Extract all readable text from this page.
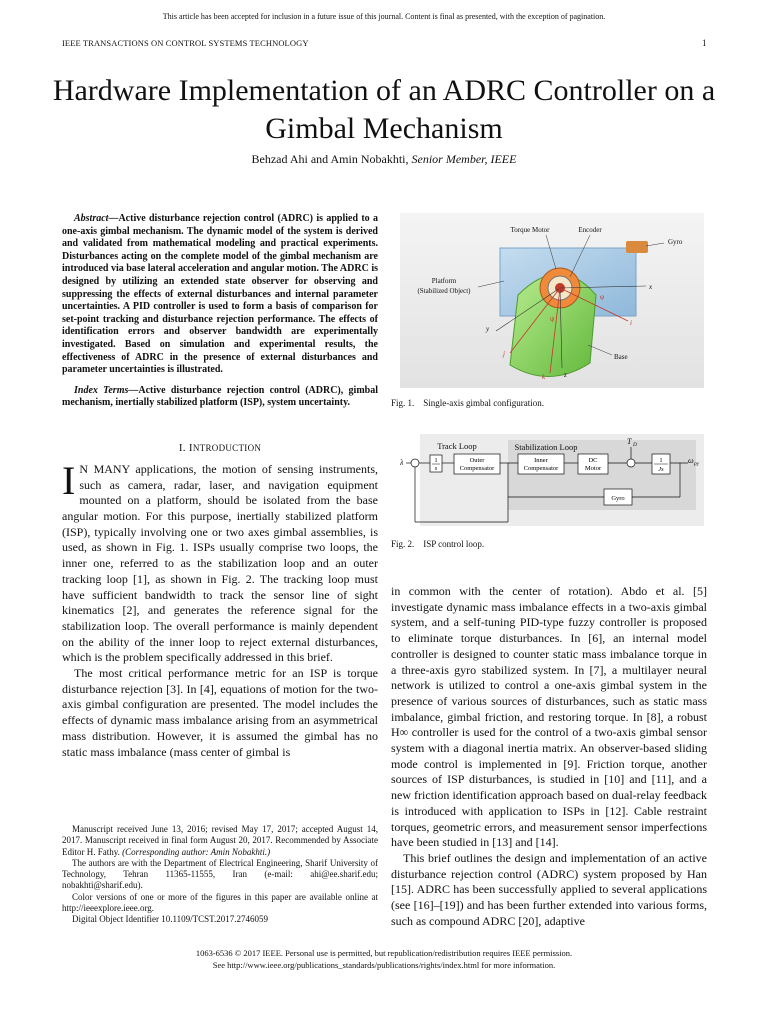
This article has been accepted for inclusion in a future issue of this journal. Content is final as presented, with the exception of pagination.
IEEE TRANSACTIONS ON CONTROL SYSTEMS TECHNOLOGY	1
Hardware Implementation of an ADRC Controller on a Gimbal Mechanism
Behzad Ahi and Amin Nobakhti, Senior Member, IEEE

Abstract—Active disturbance rejection control (ADRC) is applied to a one-axis gimbal mechanism. The dynamic model of the system is derived and validated from mathematical modeling and practical experiments. Disturbances acting on the complete model of the gimbal mechanism are introduced via base lateral acceleration and angular motion. The ADRC is designed by utilizing an extended state observer for observing and suppressing the effects of external disturbances and internal parameter uncertainties. A PID controller is used to form a basis of comparison for set-point tracking and disturbance rejection performance. The effects of identification errors and observer bandwidth are experimentally investigated. Based on simulation and experimental results, the effectiveness of ADRC in the presence of external disturbances and parameter uncertainties is illustrated.

Index Terms—Active disturbance rejection control (ADRC), gimbal mechanism, inertially stabilized platform (ISP), system uncertainty.

I. INTRODUCTION

I N MANY applications, the motion of sensing instruments, such as camera, radar, laser, and navigation equipment mounted on a platform, should be isolated from the base angular motion. For this purpose, inertially stabilized platform (ISP), typically involving one or two axes gimbal assemblies, is used, as shown in Fig. 1. ISPs usually comprise two loops, the inner one, referred to as the stabilization loop and an outer tracking loop [1], as shown in Fig. 2. The tracking loop must have sufficient bandwidth to track the sensor line of sight kinematics [2], and generates the reference signal for the stabilization loop. The overall performance is mainly dependent on the ability of the inner loop to reject external disturbances, which is the problem specifically addressed in this brief.

The most critical performance metric for an ISP is torque disturbance rejection [3]. In [4], equations of motion for the two-axis gimbal configuration are presented. The model includes the effects of dynamic mass imbalance arising from an asymmetrical mass distribution. However, it is assumed the gimbal has no static mass imbalance (mass center of gimbal is

Manuscript received June 13, 2016; revised May 17, 2017; accepted August 14, 2017. Manuscript received in final form August 20, 2017. Recommended by Associate Editor H. Fathy. (Corresponding author: Amin Nobakhti.)

The authors are with the Department of Electrical Engineering, Sharif University of Technology, Tehran 11365-11555, Iran (e-mail: ahi@ee.sharif.edu; nobakhti@sharif.edu).

Color versions of one or more of the figures in this paper are available online at http://ieeexplore.ieee.org.

Digital Object Identifier 10.1109/TCST.2017.2746059

Torque Motor	Encoder
Gyro
Platform
(Stabilized Object)
Base
x
y
z
φ
ψ	i
j
k
Fig. 1.    Single-axis gimbal configuration.
Track Loop	Stabilization Loop
λ	1
s
Outer
Compensator
Inner
Compensator
DC
Motor
T D
1
Js
ω py
Gyro
Fig. 2.    ISP control loop.

in common with the center of rotation). Abdo et al. [5] investigate dynamic mass imbalance effects in a two-axis gimbal system, and a self-tuning PID-type fuzzy controller is proposed to eliminate torque disturbances. In [6], an internal model controller is designed to counter static mass imbalance torque in a three-axis gyro stabilized system. In [7], a multilayer neural network is utilized to control a one-axis gimbal system in the presence of various sources of disturbances, such as static mass imbalance, gimbal friction, and restoring torque. In [8], a robust H∞ controller is used for the control of a two-axis gimbal sensor system with a diagonal inertia matrix. An observer-based sliding mode control is implemented in [9]. Friction torque, another sources of ISP disturbances, is studied in [10] and [11], and a new friction identification approach based on dual-relay feedback is introduced with application to ISPs in [12]. Cable restraint torques, geometric errors, and measurement sensor imperfections have been studied in [13] and [14].

This brief outlines the design and implementation of an active disturbance rejection control (ADRC) system proposed by Han [15]. ADRC has been successfully applied to several applications (see [16]–[19]) and has been further extended into various forms, such as compound ADRC [20], adaptive

1063-6536 © 2017 IEEE. Personal use is permitted, but republication/redistribution requires IEEE permission.
See http://www.ieee.org/publications_standards/publications/rights/index.html for more information.
